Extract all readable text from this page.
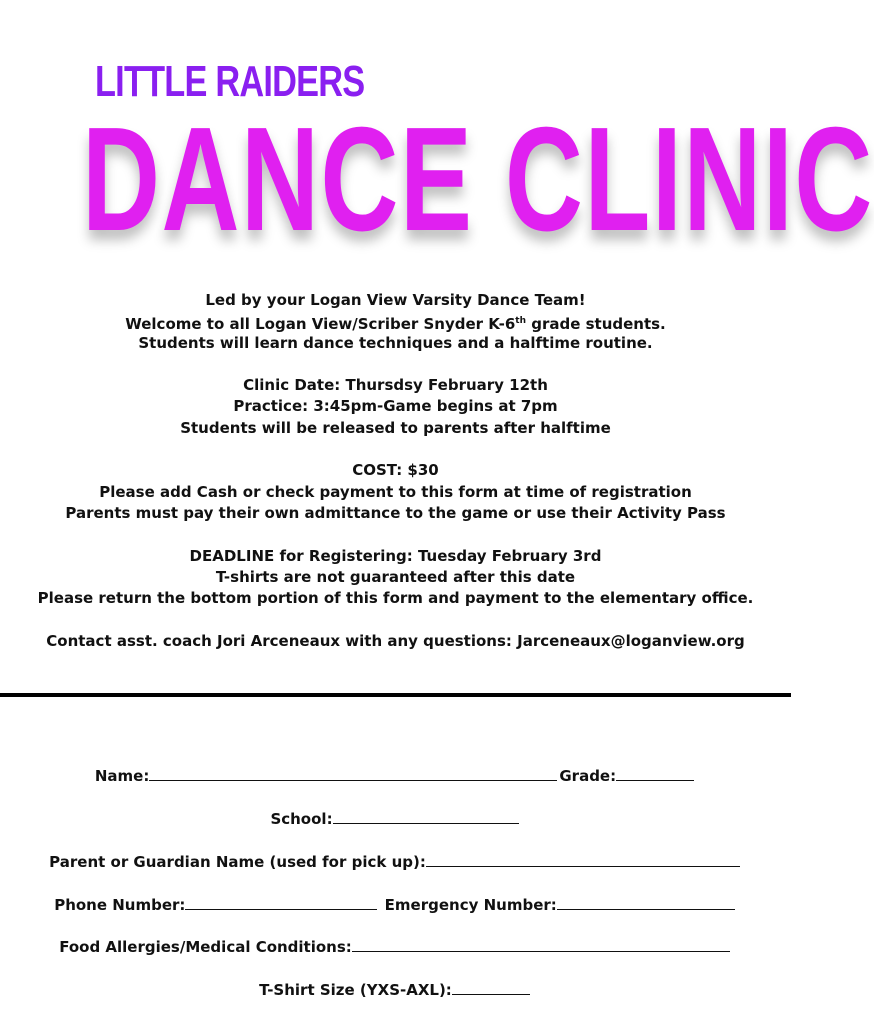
LITTLE RAIDERS
DANCE CLINIC
Led by your Logan View Varsity Dance Team!
Welcome to all Logan View/Scriber Snyder K-6th grade students.
Students will learn dance techniques and a halftime routine.
Clinic Date: Thursdsy February 12th
Practice: 3:45pm-Game begins at 7pm
Students will be released to parents after halftime
COST: $30
Please add Cash or check payment to this form at time of registration
Parents must pay their own admittance to the game or use their Activity Pass
DEADLINE for Registering: Tuesday February 3rd
T-shirts are not guaranteed after this date
Please return the bottom portion of this form and payment to the elementary office.
Contact asst. coach Jori Arceneaux with any questions: Jarceneaux@loganview.org
Name:	Grade:
School:
Parent or Guardian Name (used for pick up):
Phone Number:	Emergency Number:
Food Allergies/Medical Conditions:
T-Shirt Size (YXS-AXL):
